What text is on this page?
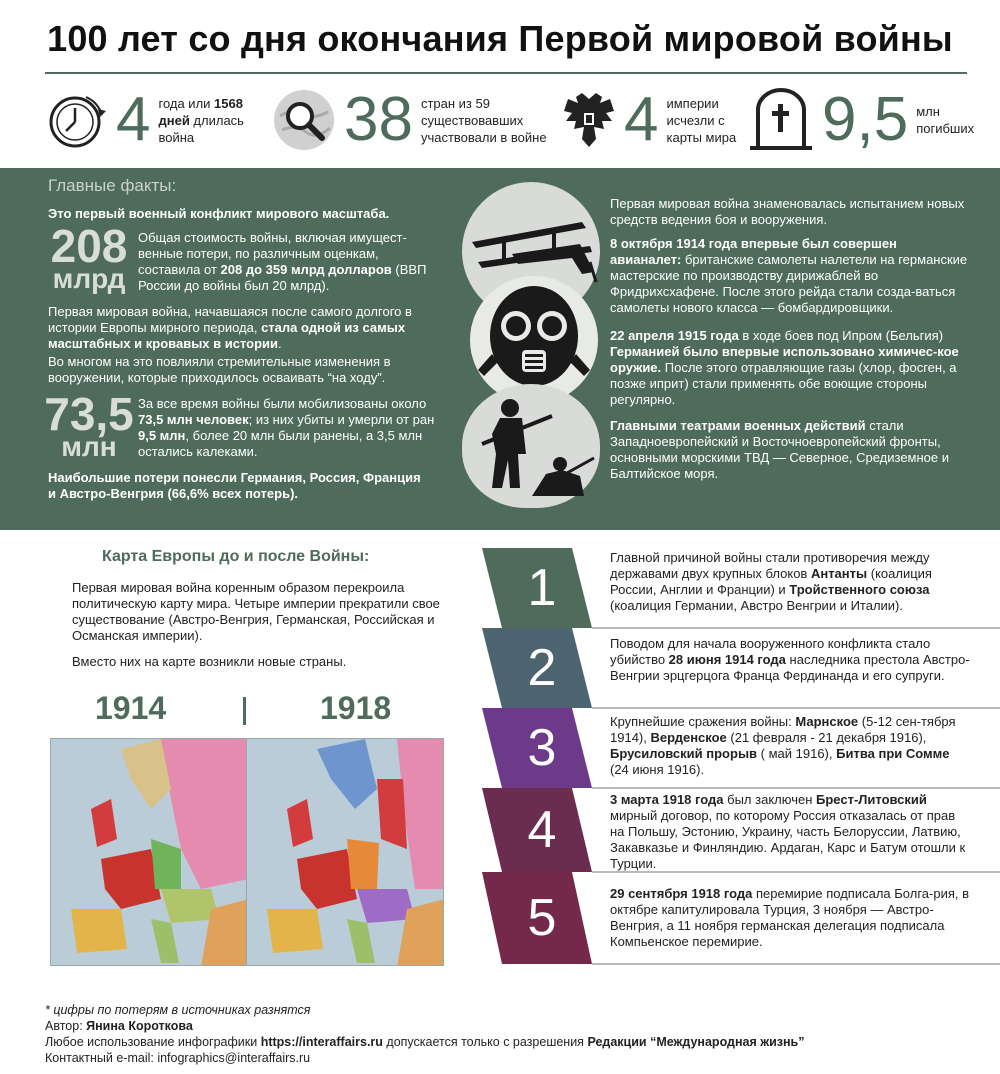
100 лет со дня окончания Первой мировой войны
4 года или 1568 дней длилась война	38 стран из 59 существовавших участвовали в войне 4 империи исчезли с карты мира 9,5 млн погибших
Главные факты:
Это первый военный конфликт мирового масштаба.
208
млрд
Общая стоимость войны, включая имущест-венные потери, по различным оценкам, составила от 208 до 359 млрд долларов (ВВП России до войны был 20 млрд).
Первая мировая война, начавшаяся после самого долгого в истории Европы мирного периода, стала одной из самых масштабных и кровавых в истории.
Во многом на это повлияли стремительные изменения в вооружении, которые приходилось осваивать “на ходу”.
73,5
млн
За все время войны были мобилизованы около 73,5 млн человек; из них убиты и умерли от ран 9,5 млн, более 20 млн были ранены, а 3,5 млн остались калеками.
Наибольшие потери понесли Германия, Россия, Франция и Австро-Венгрия (66,6% всех потерь).
Первая мировая война знаменовалась испытанием новых средств ведения боя и вооружения.
8 октября 1914 года впервые был совершен авианалет: британские самолеты налетели на германские мастерские по производству дирижаблей во Фридрихсхафене. После этого рейда стали созда-ваться самолеты нового класса — бомбардировщики.
22 апреля 1915 года в ходе боев под Ипром (Бельгия) Германией было впервые использовано химичес-кое оружие. После этого отравляющие газы (хлор, фосген, а позже иприт) стали применять обе воющие стороны регулярно.
Главными театрами военных действий стали Западноевропейский и Восточноевропейский фронты, основными морскими ТВД — Северное, Средиземное и Балтийское моря.
Карта Европы до и после Войны:
Первая мировая война коренным образом перекроила политическую карту мира. Четыре империи прекратили свое существование (Австро-Венгрия, Германская, Российская и Османская империи).
Вместо них на карте возникли новые страны.
1914	1918
1
Главной причиной войны стали противоречия между державами двух крупных блоков Антанты (коалиция России, Англии и Франции) и Тройственного союза (коалиция Германии, Австро Венгрии и Италии).
2	Поводом для начала вооруженного конфликта стало убийство 28 июня 1914 года наследника престола Австро-Венгрии эрцгерцога Франца Фердинанда и его супруги.
3	Крупнейшие сражения войны: Марнское (5-12 сен-тября 1914), Верденское (21 февраля - 21 декабря 1916), Брусиловский прорыв ( май 1916), Битва при Сомме (24 июня 1916).
4
3 марта 1918 года был заключен Брест-Литовский мирный договор, по которому Россия отказалась от прав на Польшу, Эстонию, Украину, часть Белоруссии, Латвию, Закавказье и Финляндию. Ардаган, Карс и Батум отошли к Турции.
5	29 сентября 1918 года перемирие подписала Болга-рия, в октябре капитулировала Турция, 3 ноября — Австро-Венгрия, а 11 ноября германская делегация подписала Компьенское перемирие.
* цифры по потерям в источниках разнятся
Автор: Янина Короткова
Любое использование инфографики https://interaffairs.ru допускается только с разрешения Редакции “Международная жизнь”
Контактный e-mail: infographics@interaffairs.ru
